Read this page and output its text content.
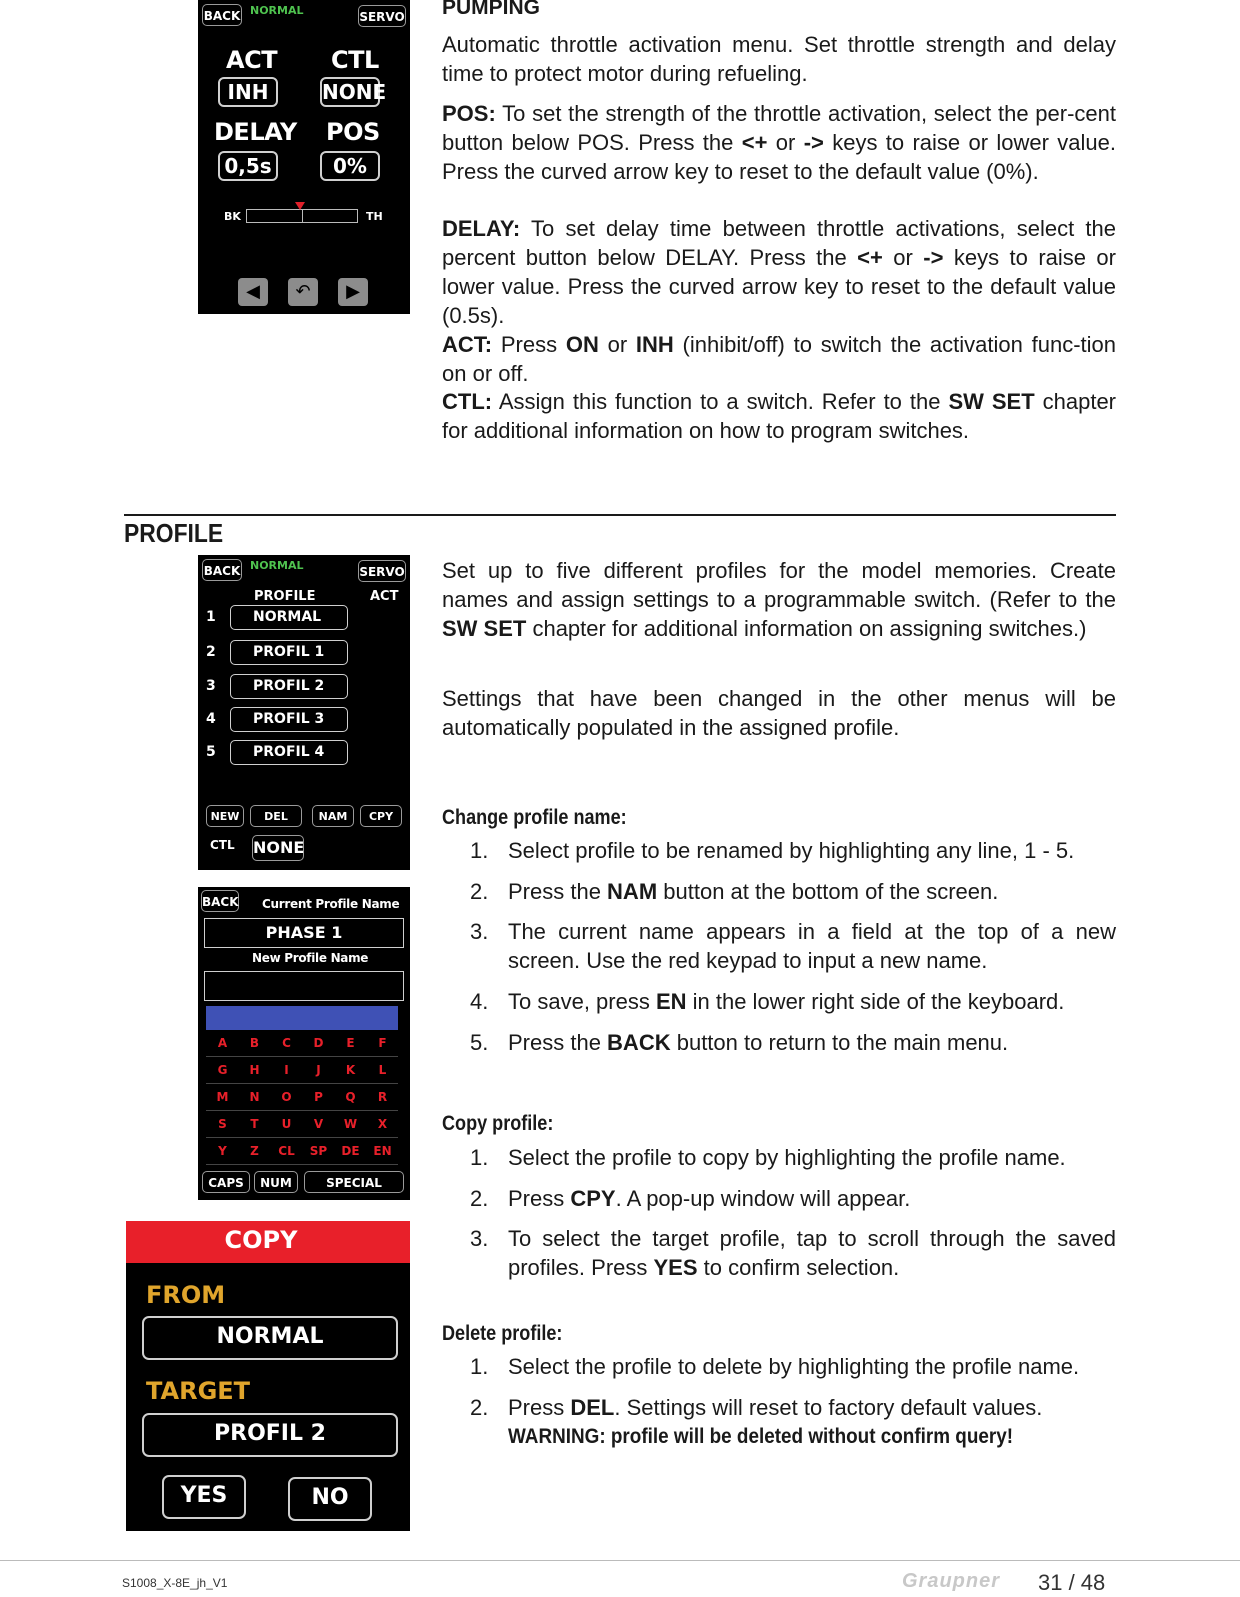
BACK NORMAL	SERVO
ACT CTL
INH	NONE
DELAY POS
0,5s	0%
BK	TH
◀	↶	▶
PUMPING
Automatic throttle activation menu. Set throttle strength and delay time to protect motor during refueling.
POS: To set the strength of the throttle activation, select the per-cent button below POS. Press the <+ or -> keys to raise or lower value. Press the curved arrow key to reset to the default value (0%).
DELAY: To set delay time between throttle activations, select the percent button below DELAY. Press the <+ or -> keys to raise or lower value. Press the curved arrow key to reset to the default value (0.5s).
ACT: Press ON or INH (inhibit/off) to switch the activation func-tion on or off.
CTL: Assign this function to a switch. Refer to the SW SET chapter for additional information on how to program switches.
PROFILE
BACK NORMAL	SERVO
PROFILE	ACT
1	NORMAL
2	PROFIL 1
3	PROFIL 2
4	PROFIL 3
5	PROFIL 4
NEW	DEL	NAM	CPY
CTL NONE
BACK Current Profile Name
PHASE 1
New Profile Name
A	B	C	D	E	F
G	H	I	J	K	L
M	N	O	P	Q	R
S	T	U	V	W	X
Y	Z	CL	SP	DE	EN
CAPS	NUM	SPECIAL
COPY
FROM
NORMAL
TARGET
PROFIL 2
YES	NO
Set up to five different profiles for the model memories. Create names and assign settings to a programmable switch. (Refer to the SW SET chapter for additional information on assigning switches.)
Settings that have been changed in the other menus will be automatically populated in the assigned profile.
Change profile name:
1. Select profile to be renamed by highlighting any line, 1 - 5.
2. Press the NAM button at the bottom of the screen.
3. The current name appears in a field at the top of a new screen. Use the red keypad to input a new name.
4. To save, press EN in the lower right side of the keyboard.
5. Press the BACK button to return to the main menu.
Copy profile:
1. Select the profile to copy by highlighting the profile name.
2. Press CPY. A pop-up window will appear.
3. To select the target profile, tap to scroll through the saved profiles. Press YES to confirm selection.
Delete profile:
1. Select the profile to delete by highlighting the profile name.
2. Press DEL. Settings will reset to factory default values.
WARNING: profile will be deleted without confirm query!
S1008_X-8E_jh_V1	Graupner 31 / 48
